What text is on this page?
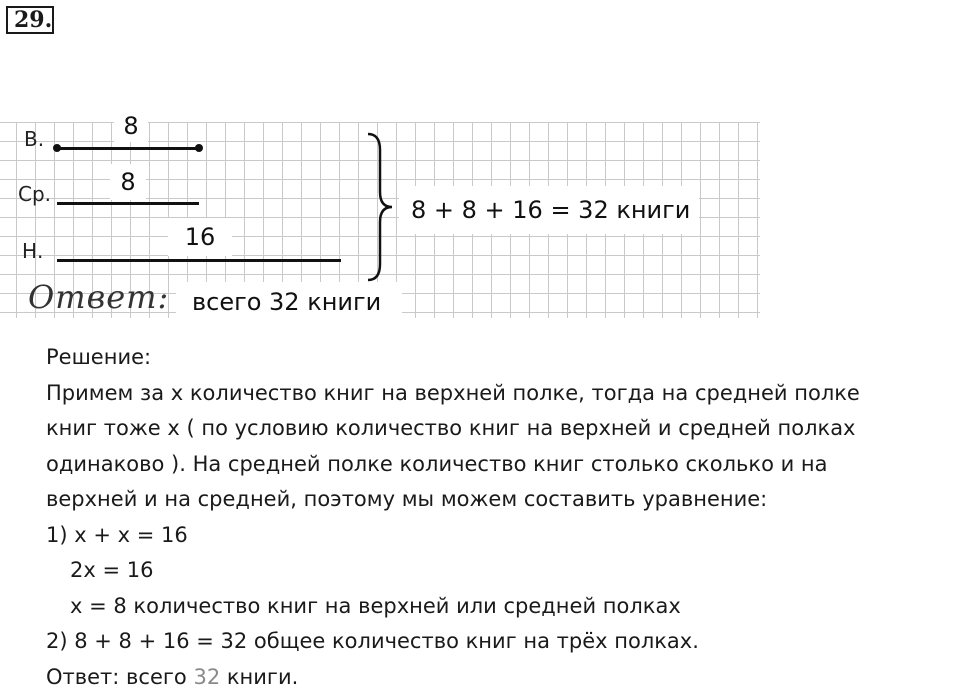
29.
В.
Ср.
Н.
8
8
16
8 + 8 + 16 = 32 книги
Ответ: всего 32 книги
Решение:
Примем за x количество книг на верхней полке, тогда на средней полке
книг тоже x ( по условию количество книг на верхней и средней полках
одинаково ). На средней полке количество книг столько сколько и на
верхней и на средней, поэтому мы можем составить уравнение:
1) x + x = 16
2x = 16
x = 8 количество книг на верхней или средней полках
2) 8 + 8 + 16 = 32 общее количество книг на трёх полках.
Ответ: всего 32 книги.
